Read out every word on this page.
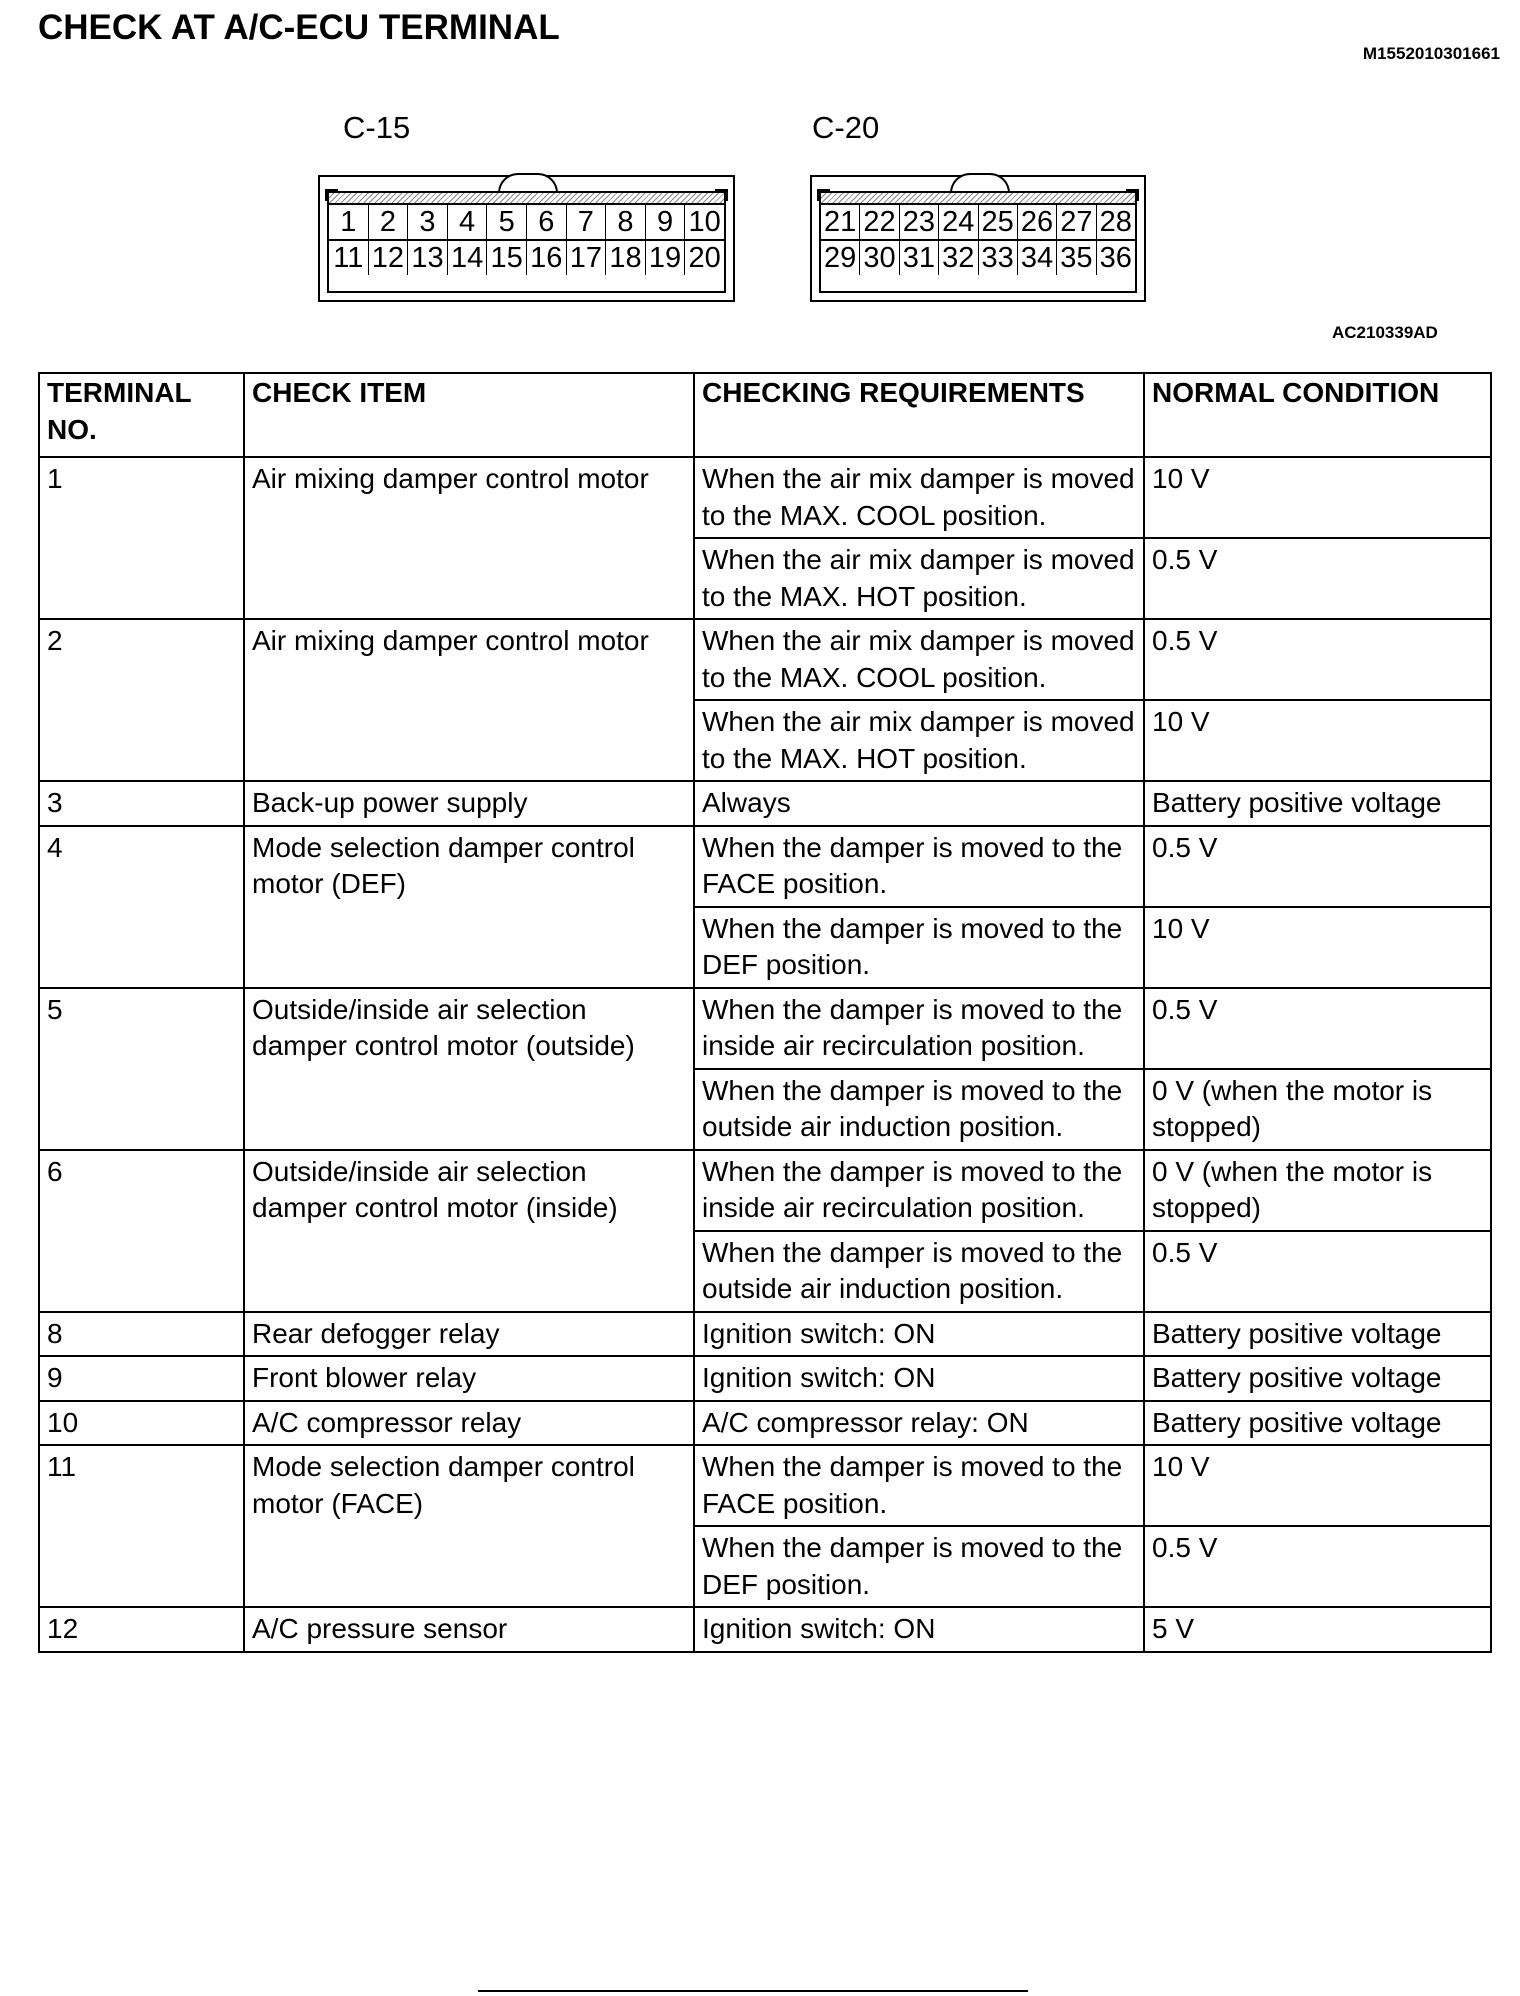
CHECK AT A/C-ECU TERMINAL
M1552010301661
C-15
1 2 3 4 5 6 7 8 9 10
11 12 13 14 15 16 17 18 19 20
C-20
21 22 23 24 25 26 27 28
29 30 31 32 33 34 35 36
AC210339AD
TERMINAL NO.	CHECK ITEM	CHECKING REQUIREMENTS	NORMAL CONDITION
1	Air mixing damper control motor	When the air mix damper is moved to the MAX. COOL position.	10 V
		When the air mix damper is moved to the MAX. HOT position.	0.5 V
2	Air mixing damper control motor	When the air mix damper is moved to the MAX. COOL position.	0.5 V
		When the air mix damper is moved to the MAX. HOT position.	10 V
3	Back-up power supply	Always	Battery positive voltage
4	Mode selection damper control motor (DEF)	When the damper is moved to the FACE position.	0.5 V
		When the damper is moved to the DEF position.	10 V
5	Outside/inside air selection damper control motor (outside)	When the damper is moved to the inside air recirculation position.	0.5 V
		When the damper is moved to the outside air induction position.	0 V (when the motor is stopped)
6	Outside/inside air selection damper control motor (inside)	When the damper is moved to the inside air recirculation position.	0 V (when the motor is stopped)
		When the damper is moved to the outside air induction position.	0.5 V
8	Rear defogger relay	Ignition switch: ON	Battery positive voltage
9	Front blower relay	Ignition switch: ON	Battery positive voltage
10	A/C compressor relay	A/C compressor relay: ON	Battery positive voltage
11	Mode selection damper control motor (FACE)	When the damper is moved to the FACE position.	10 V
		When the damper is moved to the DEF position.	0.5 V
12	A/C pressure sensor	Ignition switch: ON	5 V
